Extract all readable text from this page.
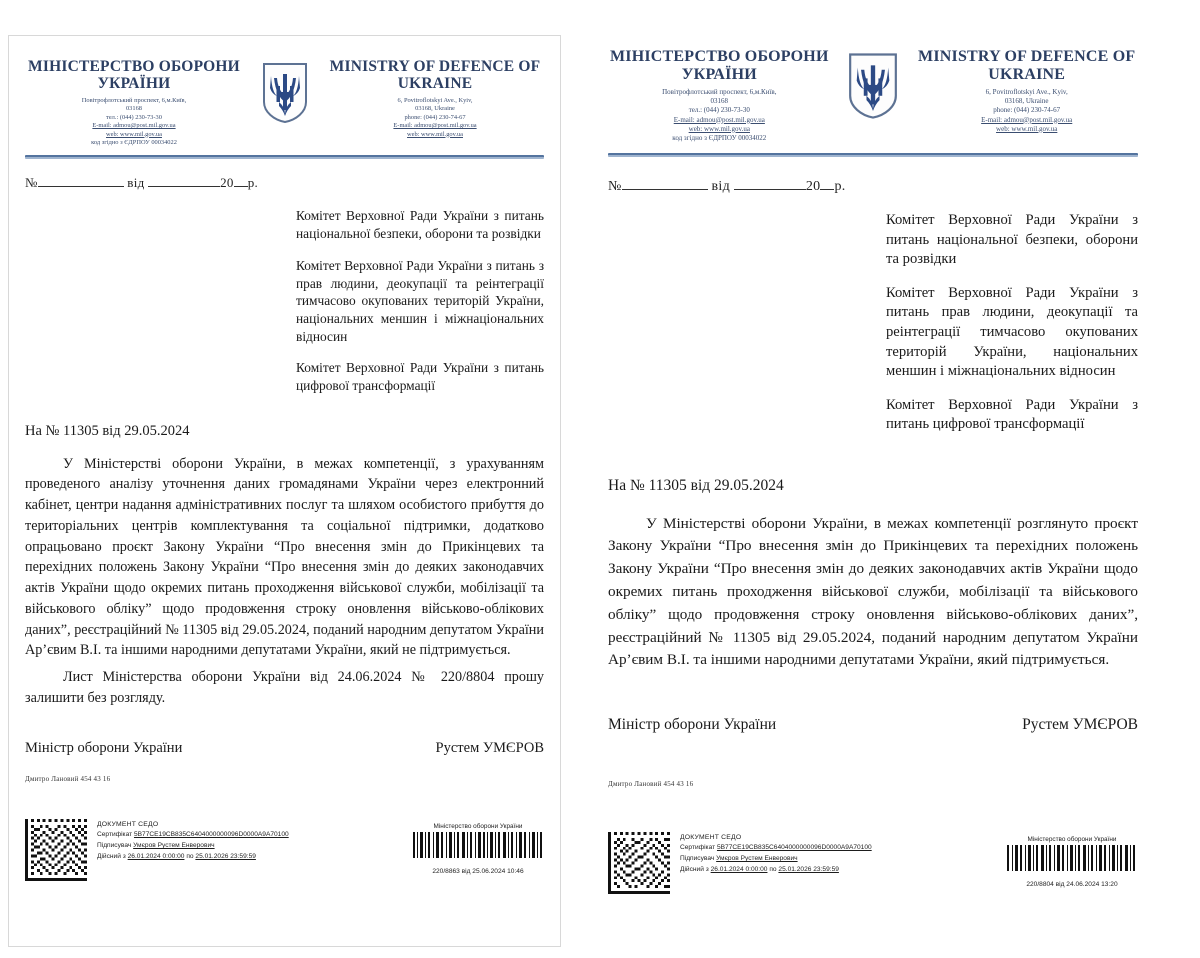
МІНІСТЕРСТВО ОБОРОНИ УКРАЇНИ
Повітрофлотський проспект, 6,м.Київ,
03168
тел.: (044) 230-73-30
E-mail: admou@post.mil.gov.ua
web: www.mil.gov.ua
код згідно з ЄДРПОУ 00034022
MINISTRY OF DEFENCE OF UKRAINE
6, Povitroflotskyi Ave., Kyiv,
03168, Ukraine
phone: (044) 230-74-67
E-mail: admou@post.mil.gov.ua
web: www.mil.gov.ua
№	від	20 р.

Комітет Верховної Ради України з питань національної безпеки, оборони та розвідки

Комітет Верховної Ради України з питань з прав людини, деокупації та реінтеграції тимчасово окупованих територій України, національних меншин і міжнаціональних відносин

Комітет Верховної Ради України з питань цифрової трансформації

На № 11305 від 29.05.2024

У Міністерстві оборони України, в межах компетенції, з урахуванням проведеного аналізу уточнення даних громадянами України через електронний кабінет, центри надання адміністративних послуг та шляхом особистого прибуття до територіальних центрів комплектування та соціальної підтримки, додатково опрацьовано проєкт Закону України “Про внесення змін до Прикінцевих та перехідних положень Закону України “Про внесення змін до деяких законодавчих актів України щодо окремих питань проходження військової служби, мобілізації та військового обліку” щодо продовження строку оновлення військово-облікових даних”, реєстраційний № 11305 від 29.05.2024, поданий народним депутатом України Ар’євим В.І. та іншими народними депутатами України, який не підтримується.

Лист Міністерства оборони України від 24.06.2024 № 220/8804 прошу залишити без розгляду.

Міністр оборони України	Рустем УМЄРОВ
Дмитро Лановий 454 43 16
ДОКУМЕНТ СЕДО
Сертифікат 5B77CE19CB835C6404000000096D0000A9A70100
Підписувач Умєров Рустем Енверович
Дійсний з 26.01.2024 0:00:00 по 25.01.2026 23:59:59
Міністерство оборони України
220/8863 від 25.06.2024 10:46
МІНІСТЕРСТВО ОБОРОНИ УКРАЇНИ
Повітрофлотський проспект, 6,м.Київ,
03168
тел.: (044) 230-73-30
E-mail: admou@post.mil.gov.ua
web: www.mil.gov.ua
код згідно з ЄДРПОУ 00034022
MINISTRY OF DEFENCE OF UKRAINE
6, Povitroflotskyi Ave., Kyiv,
03168, Ukraine
phone: (044) 230-74-67
E-mail: admou@post.mil.gov.ua
web: www.mil.gov.ua
№	від	20 р.

Комітет Верховної Ради України з питань національної безпеки, оборони та розвідки

Комітет Верховної Ради України з питань прав людини, деокупації та реінтеграції тимчасово окупованих територій України, національних меншин і міжнаціональних відносин

Комітет Верховної Ради України з питань цифрової трансформації

На № 11305 від 29.05.2024

У Міністерстві оборони України, в межах компетенції розглянуто проєкт Закону України “Про внесення змін до Прикінцевих та перехідних положень Закону України “Про внесення змін до деяких законодавчих актів України щодо окремих питань проходження військової служби, мобілізації та військового обліку” щодо продовження строку оновлення військово-облікових даних”, реєстраційний № 11305 від 29.05.2024, поданий народним депутатом України Ар’євим В.І. та іншими народними депутатами України, який підтримується.

Міністр оборони України	Рустем УМЄРОВ
Дмитро Лановий 454 43 16
ДОКУМЕНТ СЕДО
Сертифікат 5B77CE19CB835C6404000000096D0000A9A70100
Підписувач Умєров Рустем Енверович
Дійсний з 26.01.2024 0:00:00 по 25.01.2026 23:59:59
Міністерство оборони України
220/8804 від 24.06.2024 13:20
